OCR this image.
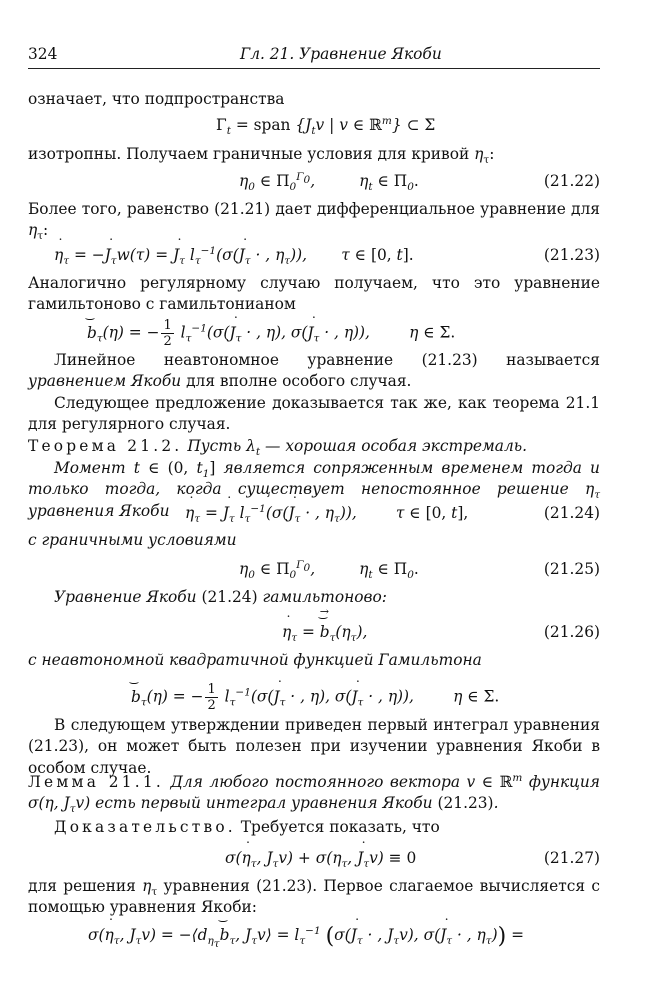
324	Гл. 21. Уравнение Якоби
означает, что подпространства
$\Gamma_t$ = span {$J_tv$ | v ∈ ℝ$^m$} ⊂ Σ
изотропны. Получаем граничные условия для кривой $\eta_\tau$:
$\eta_0$ ∈ $\Pi_0^{\Gamma_0}$,         $\eta_t$ ∈ $\Pi_0$.	(21.22)
Более того, равенство (21.21) дает дифференциальное уравнение для $\eta_\tau$:
˙ $\eta_\tau$ = −˙ $J_\tau w(\tau)$ = ˙ $J_\tau$ $l_\tau^{-1}(\sigma(˙$ $J_\tau$ · , $\eta_\tau$)),       τ ∈ [0, t].	(21.23)
Аналогично регулярному случаю получаем, что это уравнение гамильтоново с гамильтонианом
⌢ $b_\tau(\eta)$ = − $\frac{1}{2}$ $l_\tau^{-1}(\sigma(˙$ $J_\tau$ · , η), σ(˙ $J_\tau$ · , η)),        η ∈ Σ.
Линейное неавтономное уравнение (21.23) называется уравнением Якоби для вполне особого случая.
Следующее предложение доказывается так же, как теорема 21.1 для регулярного случая.
Теорема 21.2. Пусть $\lambda_t$ — хорошая особая экстремаль.
Момент t ∈ (0, $t_1$] является сопряженным временем тогда и только тогда, когда существует непостоянное решение $\eta_\tau$ уравнения Якоби
˙	$\eta_\tau$ = ˙ $J_\tau$ $l_\tau^{-1}(\sigma(˙$ $J_\tau$ · , $\eta_\tau$)),        τ ∈ [0, t],	(21.24)
с граничными условиями
$\eta_0$ ∈ $\Pi_0^{\Gamma_0}$,         $\eta_t$ ∈ $\Pi_0$.	(21.25)
Уравнение Якоби (21.24) гамильтоново:
˙ $\eta_\tau$ =
→
⌢ $b_\tau(\eta_\tau)$,	(21.26)
с неавтономной квадратичной функцией Гамильтона
⌢ $b_\tau(\eta)$ = − $\frac{1}{2}$ $l_\tau^{-1}(\sigma(˙$ $J_\tau$ · , η), σ(˙ $J_\tau$ · , η)),        η ∈ Σ.
В следующем утверждении приведен первый интеграл уравнения (21.23), он может быть полезен при изучении уравнения Якоби в особом случае.
Лемма 21.1. Для любого постоянного вектора v ∈ ℝ$^m$ функция σ(η, $J_\tau v$) есть первый интеграл уравнения Якоби (21.23).
Доказательство. Требуется показать, что
σ(˙ $\eta_\tau$, $J_\tau v) + \sigma(\eta_\tau$, ˙ $J_\tau v) \equiv 0$	(21.27)
для решения $\eta_\tau$ уравнения (21.23). Первое слагаемое вычисляется с помощью уравнения Якоби:
σ(˙ $\eta_\tau$, $J_\tau v$) = $-⟨d_{\eta_\tau}⌢$ $b_\tau$, $J_\tau v⟩ = l_\tau^{-1}$ (σ(˙ $J_\tau$ · , $J_\tau v$), σ(˙ $J_\tau$ · , $\eta_\tau$)) =
